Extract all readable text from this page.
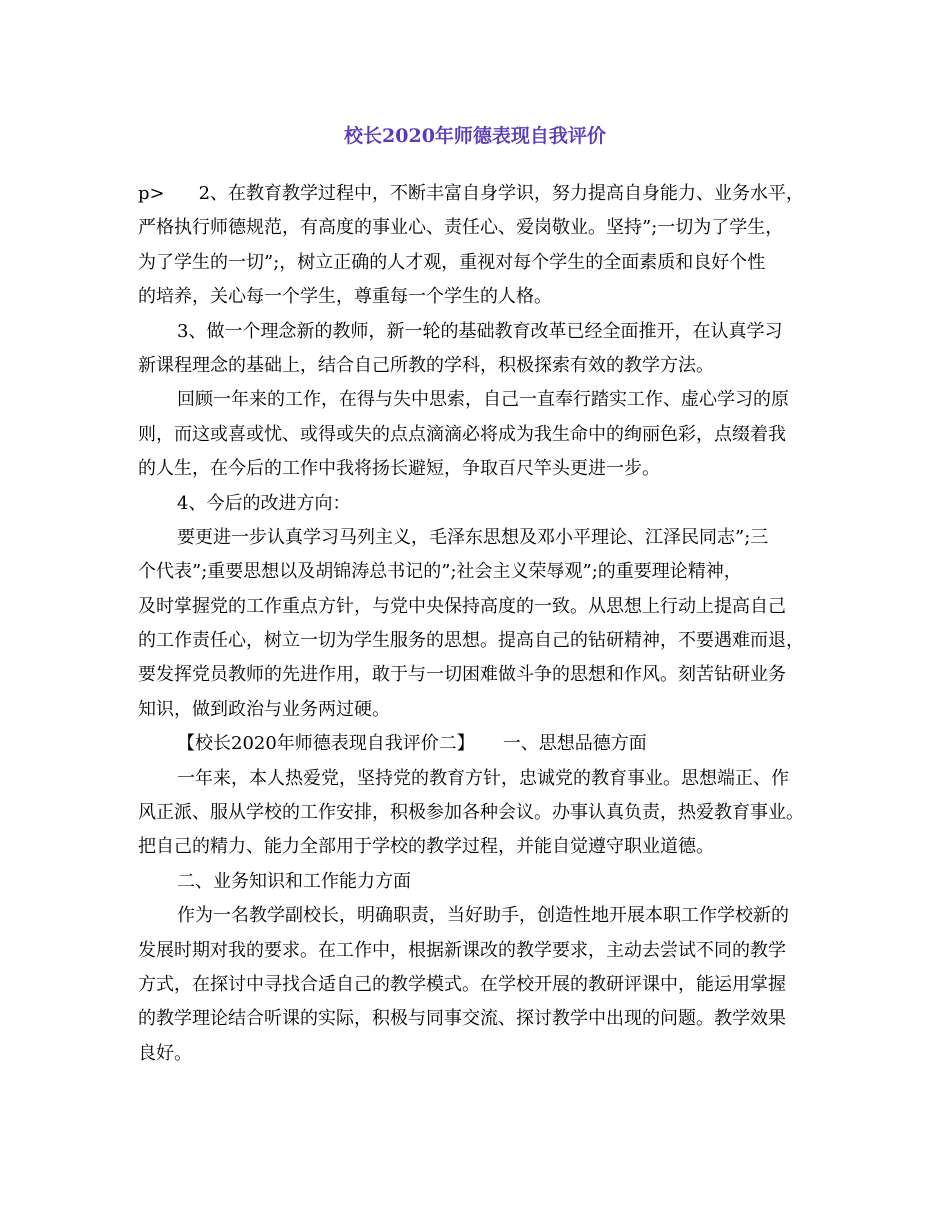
校长2020年师德表现自我评价
p> 2、在教育教学过程中，不断丰富自身学识，努力提高自身能力、业务水平，
严格执行师德规范，有高度的事业心、责任心、爱岗敬业。坚持”;一切为了学生，
为了学生的一切”;，树立正确的人才观，重视对每个学生的全面素质和良好个性
的培养，关心每一个学生，尊重每一个学生的人格。
3、做一个理念新的教师，新一轮的基础教育改革已经全面推开，在认真学习
新课程理念的基础上，结合自己所教的学科，积极探索有效的教学方法。
回顾一年来的工作，在得与失中思索，自己一直奉行踏实工作、虚心学习的原
则，而这或喜或忧、或得或失的点点滴滴必将成为我生命中的绚丽色彩，点缀着我
的人生，在今后的工作中我将扬长避短，争取百尺竿头更进一步。
4、今后的改进方向：
要更进一步认真学习马列主义，毛泽东思想及邓小平理论、江泽民同志”;三
个代表”;重要思想以及胡锦涛总书记的”;社会主义荣辱观”;的重要理论精神，
及时掌握党的工作重点方针，与党中央保持高度的一致。从思想上行动上提高自己
的工作责任心，树立一切为学生服务的思想。提高自己的钻研精神，不要遇难而退，
要发挥党员教师的先进作用，敢于与一切困难做斗争的思想和作风。刻苦钻研业务
知识，做到政治与业务两过硬。
【校长2020年师德表现自我评价二】 一、思想品德方面
一年来，本人热爱党，坚持党的教育方针，忠诚党的教育事业。思想端正、作
风正派、服从学校的工作安排，积极参加各种会议。办事认真负责，热爱教育事业。
把自己的精力、能力全部用于学校的教学过程，并能自觉遵守职业道德。
二、业务知识和工作能力方面
作为一名教学副校长，明确职责，当好助手，创造性地开展本职工作学校新的
发展时期对我的要求。在工作中，根据新课改的教学要求，主动去尝试不同的教学
方式，在探讨中寻找合适自己的教学模式。在学校开展的教研评课中，能运用掌握
的教学理论结合听课的实际，积极与同事交流、探讨教学中出现的问题。教学效果
良好。
